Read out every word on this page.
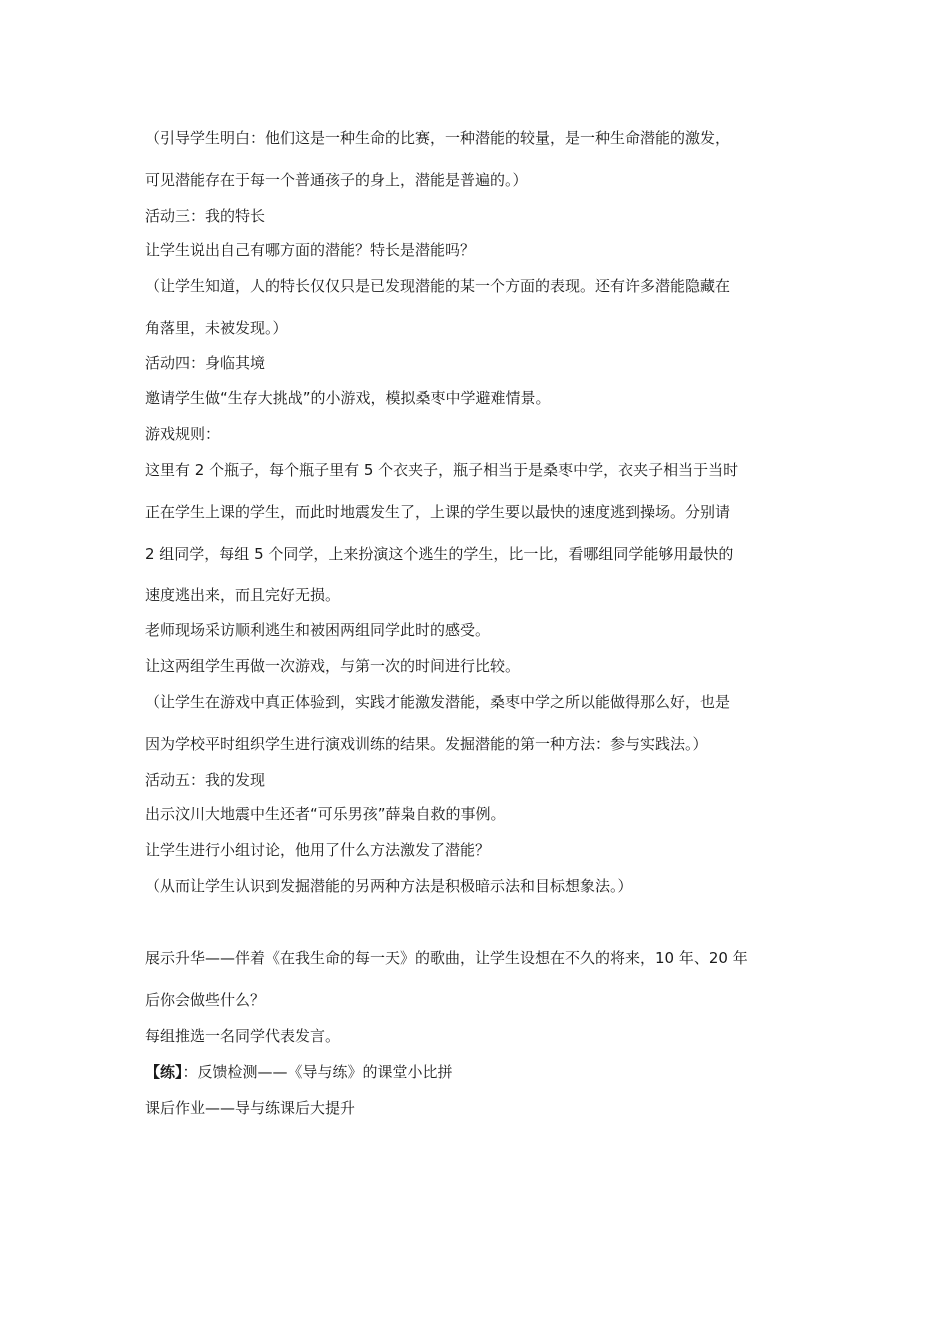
（引导学生明白：他们这是一种生命的比赛，一种潜能的较量，是一种生命潜能的激发，
可见潜能存在于每一个普通孩子的身上，潜能是普遍的。）
活动三：我的特长
让学生说出自己有哪方面的潜能？特长是潜能吗？
（让学生知道，人的特长仅仅只是已发现潜能的某一个方面的表现。还有许多潜能隐藏在
角落里，未被发现。）
活动四：身临其境
邀请学生做“生存大挑战”的小游戏，模拟桑枣中学避难情景。
游戏规则：
这里有 2 个瓶子，每个瓶子里有 5 个衣夹子，瓶子相当于是桑枣中学，衣夹子相当于当时
正在学生上课的学生，而此时地震发生了，上课的学生要以最快的速度逃到操场。分别请
2 组同学，每组 5 个同学，上来扮演这个逃生的学生，比一比，看哪组同学能够用最快的
速度逃出来，而且完好无损。
老师现场采访顺利逃生和被困两组同学此时的感受。
让这两组学生再做一次游戏，与第一次的时间进行比较。
（让学生在游戏中真正体验到，实践才能激发潜能，桑枣中学之所以能做得那么好，也是
因为学校平时组织学生进行演戏训练的结果。发掘潜能的第一种方法：参与实践法。）
活动五：我的发现
出示汶川大地震中生还者“可乐男孩”薛枭自救的事例。
让学生进行小组讨论，他用了什么方法激发了潜能？
（从而让学生认识到发掘潜能的另两种方法是积极暗示法和目标想象法。）
展示升华——伴着《在我生命的每一天》的歌曲，让学生设想在不久的将来，10 年、20 年
后你会做些什么？
每组推选一名同学代表发言。
【练】：反馈检测——《导与练》的课堂小比拼
课后作业——导与练课后大提升
